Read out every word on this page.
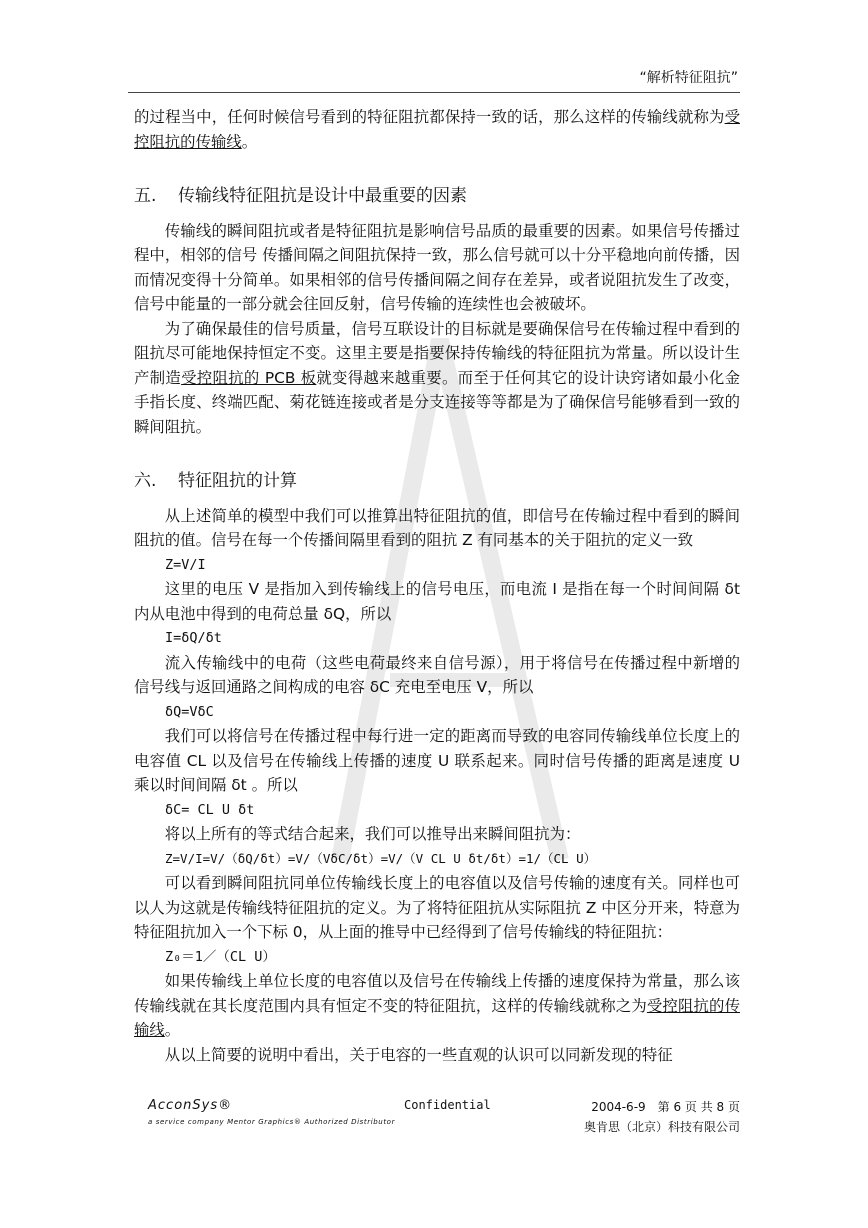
“解析特征阻抗”

的过程当中，任何时候信号看到的特征阻抗都保持一致的话，那么这样的传输线就称为受控阻抗的传输线。

五.	传输线特征阻抗是设计中最重要的因素

传输线的瞬间阻抗或者是特征阻抗是影响信号品质的最重要的因素。如果信号传播过程中，相邻的信号 传播间隔之间阻抗保持一致，那么信号就可以十分平稳地向前传播，因而情况变得十分简单。如果相邻的信号传播间隔之间存在差异，或者说阻抗发生了改变，信号中能量的一部分就会往回反射，信号传输的连续性也会被破坏。

为了确保最佳的信号质量，信号互联设计的目标就是要确保信号在传输过程中看到的阻抗尽可能地保持恒定不变。这里主要是指要保持传输线的特征阻抗为常量。所以设计生产制造受控阻抗的 PCB 板就变得越来越重要。而至于任何其它的设计诀窍诸如最小化金手指长度、终端匹配、菊花链连接或者是分支连接等等都是为了确保信号能够看到一致的瞬间阻抗。

六.	特征阻抗的计算

从上述简单的模型中我们可以推算出特征阻抗的值，即信号在传输过程中看到的瞬间阻抗的值。信号在每一个传播间隔里看到的阻抗 Z 有同基本的关于阻抗的定义一致

Z=V/I

这里的电压 V 是指加入到传输线上的信号电压，而电流 I 是指在每一个时间间隔 δt 内从电池中得到的电荷总量 δQ，所以

I=δQ/δt

流入传输线中的电荷（这些电荷最终来自信号源），用于将信号在传播过程中新增的信号线与返回通路之间构成的电容 δC 充电至电压 V，所以

δQ=VδC

我们可以将信号在传播过程中每行进一定的距离而导致的电容同传输线单位长度上的电容值 CL 以及信号在传输线上传播的速度 U 联系起来。同时信号传播的距离是速度 U 乘以时间间隔 δt 。所以

δC= CL U δt

将以上所有的等式结合起来，我们可以推导出来瞬间阻抗为：

Z=V/I=V/（δQ/δt）=V/（VδC/δt）=V/（V CL U δt/δt）=1/（CL U）

可以看到瞬间阻抗同单位传输线长度上的电容值以及信号传输的速度有关。同样也可以人为这就是传输线特征阻抗的定义。为了将特征阻抗从实际阻抗 Z 中区分开来，特意为特征阻抗加入一个下标 0，从上面的推导中已经得到了信号传输线的特征阻抗：

Z₀＝1／（CL U）

如果传输线上单位长度的电容值以及信号在传输线上传播的速度保持为常量，那么该传输线就在其长度范围内具有恒定不变的特征阻抗，这样的传输线就称之为受控阻抗的传输线。

从以上简要的说明中看出，关于电容的一些直观的认识可以同新发现的特征

AcconSys®	Confidential	2004-6-9　第 6 页 共 8 页
a service company Mentor Graphics® Authorized Distributor	奥肯思（北京）科技有限公司
